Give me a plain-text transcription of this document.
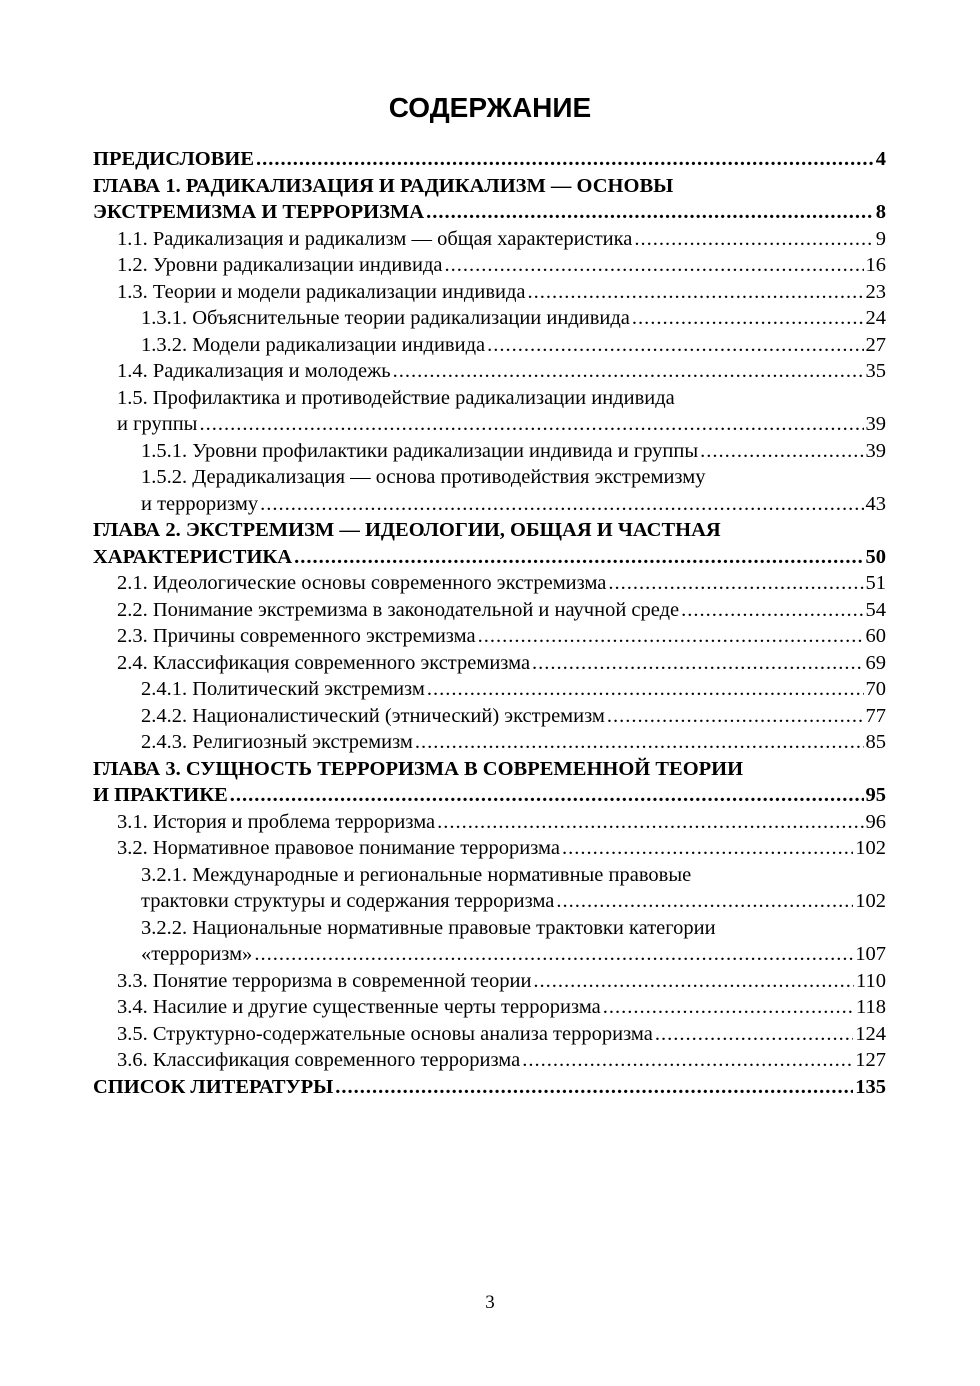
СОДЕРЖАНИЕ
ПРЕДИСЛОВИЕ .....	4
ГЛАВА 1. РАДИКАЛИЗАЦИЯ И РАДИКАЛИЗМ — ОСНОВЫ
ЭКСТРЕМИЗМА И ТЕРРОРИЗМА .....	8
1.1. Радикализация и радикализм — общая характеристика .....	9
1.2. Уровни радикализации индивида .....	16
1.3. Теории и модели радикализации индивида .....	23
1.3.1. Объяснительные теории радикализации индивида .....	24
1.3.2. Модели радикализации индивида .....	27
1.4. Радикализация и молодежь .....	35
1.5. Профилактика и противодействие радикализации индивида
и группы .....	39
1.5.1. Уровни профилактики радикализации индивида и группы .....	39
1.5.2. Дерадикализация — основа противодействия экстремизму
и терроризму .....	43
ГЛАВА 2. ЭКСТРЕМИЗМ — ИДЕОЛОГИИ, ОБЩАЯ И ЧАСТНАЯ
ХАРАКТЕРИСТИКА .....	50
2.1. Идеологические основы современного экстремизма .....	51
2.2. Понимание экстремизма в законодательной и научной среде .....	54
2.3. Причины современного экстремизма .....	60
2.4. Классификация современного экстремизма .....	69
2.4.1. Политический экстремизм .....	70
2.4.2. Националистический (этнический) экстремизм .....	77
2.4.3. Религиозный экстремизм .....	85
ГЛАВА 3. СУЩНОСТЬ ТЕРРОРИЗМА В СОВРЕМЕННОЙ ТЕОРИИ
И ПРАКТИКЕ .....	95
3.1. История и проблема терроризма .....	96
3.2. Нормативное правовое понимание терроризма .....	102
3.2.1. Международные и региональные нормативные правовые
трактовки структуры и содержания терроризма .....	102
3.2.2. Национальные нормативные правовые трактовки категории
«терроризм» .....	107
3.3. Понятие терроризма в современной теории .....	110
3.4. Насилие и другие существенные черты терроризма .....	118
3.5. Структурно-содержательные основы анализа терроризма .....	124
3.6. Классификация современного терроризма .....	127
СПИСОК ЛИТЕРАТУРЫ .....	135
3
